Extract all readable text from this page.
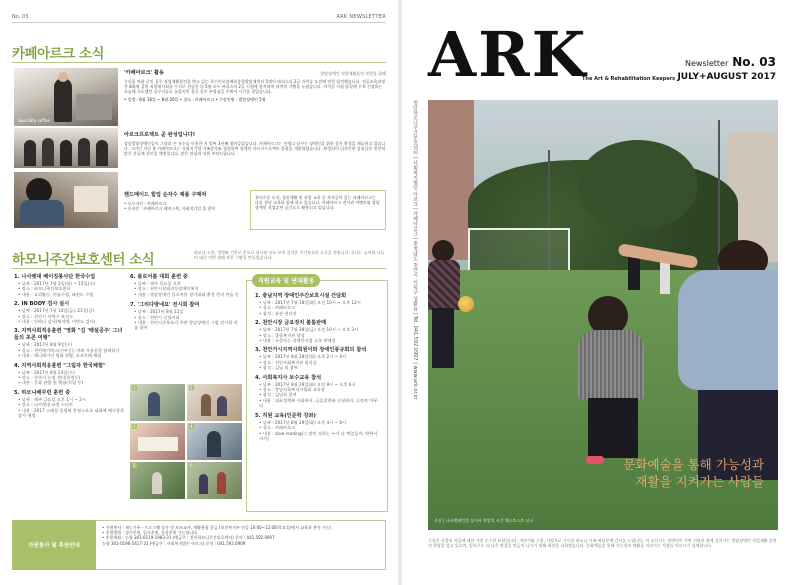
No. 03	ARK NEWSLETTER
카페아르크 소식
Specialty coffee
'카페아르크' 활동	발달장애인 직업재활훈련 보람을 위해
우디움 여름 중인 집중 직업재활훈련을 받고 있는 꼭수이오잠배롱종합발달재센터 5명이 바리스타 2급 자격증 도전에 전원 합격했습니다. 전공교육과정 총 8회에 걸쳐 직업재사회를 수식로 전습한 뒤 5명 모두 바리스타 2급 시험에 합격하여 합격의 기쁨을 누렸습니다. 자격증 시험 당일에 무척 긴장하는 모습에 지도했던 실무자들도 놀랐지만 결국 좋은 부정심을 주면서 시간을 찾았습니다.
• 일정 : 6월 16일 ~ 8월 20일 • 장소 : 카페아르크 • 수강인원 : 발달장애인 5명
아르크프로젝트 곧 완성입니다!
종종발달장애인들이 그림과 손 자수를 이용한 지 벌써 3년째 접어들었습니다. 카페아르크는 인생나 꿈꾸는 장애인을 위한 좋은 환경을 제공하고 있습니다. 그러던 지난 봄 카페아르크는 사회적기업 가족상자와 협업하여 장애인 아르크프로젝트 상품을 개발하였습니다. 완성되어 디자인된 상품들은 천천히 많은 분들께 선보일 예정입니다. 많은 관심과 성원 부탁드립니다.
핸드메이드 힘업 순자수 제품 구매처
• 오프라인 : 카페아르크
• 온라인 : 카페아르크 페이스북, 사회적기업 몰 참여
흥미로운 도서, 청천재활 및 직업 교육 등 자격증이 있는 카페아르크는 다음 청년 교육과 함께 하고 있습니다. 카페아르크 전시관 이벤트와 발달장애인 직업훈련 공간으로 활용되고 있습니다.
하모니주간보호센터 소식	하모니 소풍, 갯벌와 기후로 운모로 하나된 모두 모여 즐거운 주간보호의 소식을 전합니다. 신나는 놀이와 나들이 대신 이번 생에 작은 기쁨을 만들었습니다.
1. 나사렛대 베이징봉사단 한국수업
• 날짜 : 2017년 7월 3일(월) ~ 15일(수)
• 장소 : 하모니주간보호센터
• 내용 : 요리활동, 미술수업, 태권도 수업
2. IN BODY 검사 실시
• 날짜 : 2017년 7월 14일(금), 21일(금)
• 장소 : 천안시 서북구 보건소
• 내용 : 인바디 검사(체지방, 비만도 검사)
3. 지역사회적응훈련 "영화 "김 '백설공주' 그녀들의 초콘 여행"
• 날짜 : 2017년 8월 9일(수)
• 장소 : 천안메가박스(신부동), 야외 자유공원 함께하기
• 내용 : 애니메이션 영화 관람, 초코카페 체험
4. 지역사회적응훈련 "그림자 한국체험"
• 날짜 : 2017년 8월 23일(수)
• 장소 : 천주시 농업 센터(풍정동)
• 내용 : 문화 관람 및 체험(직업 등)
5. 하모니배꾸런 훈련 중
• 날짜 : 매주 금요일 오후 1시 ~ 2시
• 장소 : 나사렛대 교정 스타트
• 내용 : 2017 스페셜 올림픽 충청스포츠 대회에 배구종목 참가 예정
6. 플로어볼 대회 훈련 중
• 날짜 : 매주 목요일 오후
• 장소 : 천안시천와미동장애인복지
• 내용 : 발달장애인 플로어볼 경기대회 출전 준비 연습 중
7. '그리다방네요' 전시회 참여
• 날짜 : 2017년 8월 11일
• 장소 : 천안시 신당커피
• 내용 : 천안시중보호자 주관 발달장애인 그림 전시회 작품 참여
1	2
3	4
5	6
1. 충남지역 장애인주간보호시설 간담회
• 날짜 : 2017년 7월 18일(화) 오전 10시 ~ 오후 12시
• 장소 : 카페아르크
• 참석 : 유관 센터장
2. 천안시장 금요정치 볼룸판매
• 날짜 : 2017년 7월 28일(금) 오전 10시 ~ 오후 3시
• 장소 : 종합복지관 광장
• 내용 : 누상자는 장애인사업 소통 판매장
3. 천안거시지역사회원이와 장애인풍규회의 참석
• 날짜 : 2017년 8월 28일(월) 오후 2시 ~ 4시
• 장소 : 천안사회복지관 회의실
• 참석 : 김님 외 참여
4. 사회복지사 보수교육 참석
• 날짜 : 2017년 8월 29일(화) 오전 9시 ~ 오후 6시
• 장소 : 충남사회복지사협회 교육장
• 참석 : 김님외 참여
• 내용 : 대표정행복 사회복지, 금읍달편화 신청관리, 긍정관 마무리
5. 직원 교육(인문학 강좌)
• 날짜 : 2017년 8월 29일(화) 오후 4시 ~ 6시
• 장소 : 카페아르크
• 내용 : slow reading(그 많던 상하는 누가 다 먹었을까; 박완서 저서)
직원교육 및 연대활동
자원봉사 및 후원안내
• 자원봉사 : 재능기부 - 프로그램 강사 및 보조교사, 재활용품 분류 (보건복지부 인증 10:00~12:00(목요일)에서 교육과 봉사 가능)
• 후원방법 : 정기후원, 일시후원, 물품후원 가능합니다.
• 후원계좌 : 농협 301-0119-1983-31 (예금주 : 천안하모니주간보호센터) 문의 : 041.592.0907
농협 301-0196-5417-31 (예금주 : 사회복지법인 아르크) 문의 : 041.592.0909
ARK
The Art & Rehabilitation Keepers
Newsletter No. 03
JULY+AUGUST 2017
문화예술을 통해 가능성과 재활을 지켜가는 사람들
사진 | 나사렛배턴업 들어서 희망의 시간 체스토스트 실시
천안하모니주간보호센터 | 사회복지법인 아르크 | 카페아르크 | 충청남도 천안시 서북구 성환읍 | Tel. 041.592.0907 | www.ark.or.kr
그림은 사람의 마음에 대한 가장 순수한 표현입니다. 이야기와 그림, 사랑으로 가득한 하모니 가족 여러분께 감사를 드립니다. 이 소식지는 장애인이 주변 지역과 함께 걸어가는 발달장애인 직업재활 훈련의 현장을 담고 있으며, 앞으로도 더 나은 환경을 만들어 나가기 위해 최선을 다하겠습니다. 문화예술을 통해 가능성과 재활을 지켜가는 사람들 아르크가 함께합니다.
